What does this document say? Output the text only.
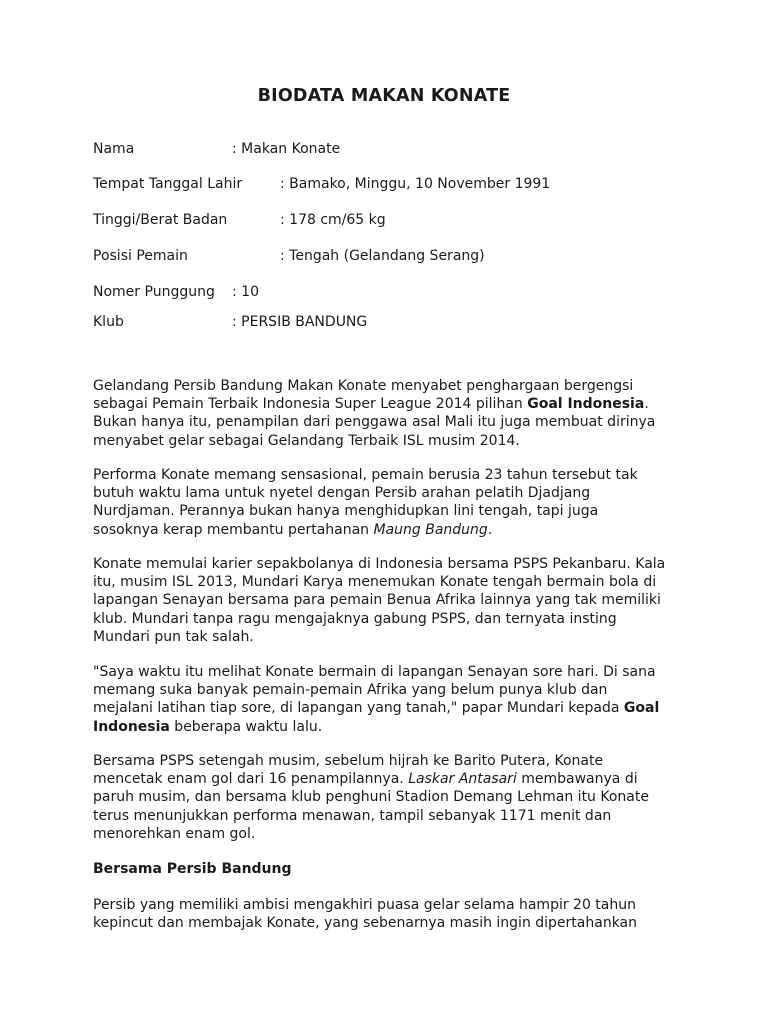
BIODATA MAKAN KONATE
Nama	: Makan Konate
Tempat Tanggal Lahir	: Bamako, Minggu, 10 November 1991
Tinggi/Berat Badan	: 178 cm/65 kg
Posisi Pemain	: Tengah (Gelandang Serang)
Nomer Punggung : 10
Klub	: PERSIB BANDUNG

Gelandang Persib Bandung Makan Konate menyabet penghargaan bergengsi
sebagai Pemain Terbaik Indonesia Super League 2014 pilihan Goal Indonesia.
Bukan hanya itu, penampilan dari penggawa asal Mali itu juga membuat dirinya
menyabet gelar sebagai Gelandang Terbaik ISL musim 2014.

Performa Konate memang sensasional, pemain berusia 23 tahun tersebut tak
butuh waktu lama untuk nyetel dengan Persib arahan pelatih Djadjang
Nurdjaman. Perannya bukan hanya menghidupkan lini tengah, tapi juga
sosoknya kerap membantu pertahanan Maung Bandung.

Konate memulai karier sepakbolanya di Indonesia bersama PSPS Pekanbaru. Kala
itu, musim ISL 2013, Mundari Karya menemukan Konate tengah bermain bola di
lapangan Senayan bersama para pemain Benua Afrika lainnya yang tak memiliki
klub. Mundari tanpa ragu mengajaknya gabung PSPS, dan ternyata insting
Mundari pun tak salah.

"Saya waktu itu melihat Konate bermain di lapangan Senayan sore hari. Di sana
memang suka banyak pemain-pemain Afrika yang belum punya klub dan
mejalani latihan tiap sore, di lapangan yang tanah," papar Mundari kepada Goal
Indonesia beberapa waktu lalu.

Bersama PSPS setengah musim, sebelum hijrah ke Barito Putera, Konate
mencetak enam gol dari 16 penampilannya. Laskar Antasari membawanya di
paruh musim, dan bersama klub penghuni Stadion Demang Lehman itu Konate
terus menunjukkan performa menawan, tampil sebanyak 1171 menit dan
menorehkan enam gol.

Bersama Persib Bandung

Persib yang memiliki ambisi mengakhiri puasa gelar selama hampir 20 tahun
kepincut dan membajak Konate, yang sebenarnya masih ingin dipertahankan
